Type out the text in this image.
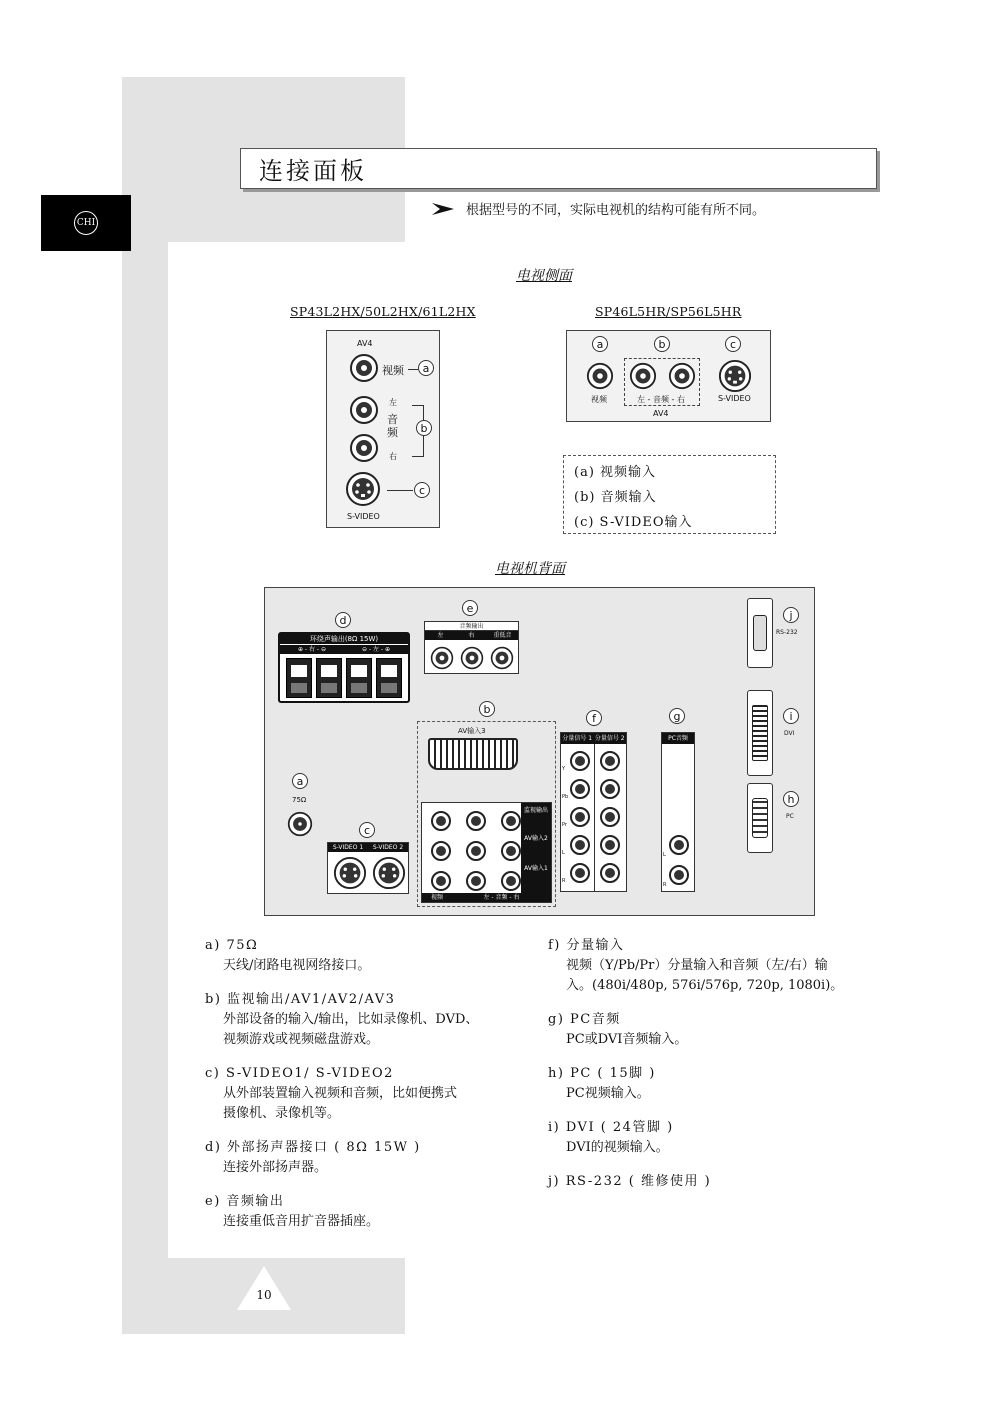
CHI
连接面板
根据型号的不同，实际电视机的结构可能有所不同。
电视侧面
SP43L2HX/50L2HX/61L2HX	SP46L5HR/SP56L5HR
AV4
视频	a
左
音频
右
b
c
S-VIDEO
a	b	c
视频	左 - 音频 - 右
AV4
S-VIDEO
(a) 视频输入
(b) 音频输入
(c) S-VIDEO输入
电视机背面
d
环绕声输出(8Ω 15W)
⊕ - 右 - ⊖	⊖ - 左 - ⊕
e
音频输出
左	右	重低音
j
RS-232
i
DVI
h
PC
a
75Ω
c
S-VIDEO 1	S-VIDEO 2
b
AV输入3
监视输出
AV输入2
AV输入1
视频	左 - 音频 - 右
f
分量信号 1 分量信号 2
Y
Pb
Pr
L
R
g
PC音频
L
R
a) 75Ω
天线/闭路电视网络接口。
b) 监视输出/AV1/AV2/AV3
外部设备的输入/输出，比如录像机、DVD、
视频游戏或视频磁盘游戏。
c) S-VIDEO1/ S-VIDEO2
从外部装置输入视频和音频，比如便携式
摄像机、录像机等。
d) 外部扬声器接口 ( 8Ω 15W )
连接外部扬声器。
e) 音频输出
连接重低音用扩音器插座。
f) 分量输入
视频（Y/Pb/Pr）分量输入和音频（左/右）输
入。(480i/480p, 576i/576p, 720p, 1080i)。
g) PC音频
PC或DVI音频输入。
h) PC ( 15脚 )
PC视频输入。
i) DVI ( 24管脚 )
DVI的视频输入。
j) RS-232 ( 维修使用 )
10
